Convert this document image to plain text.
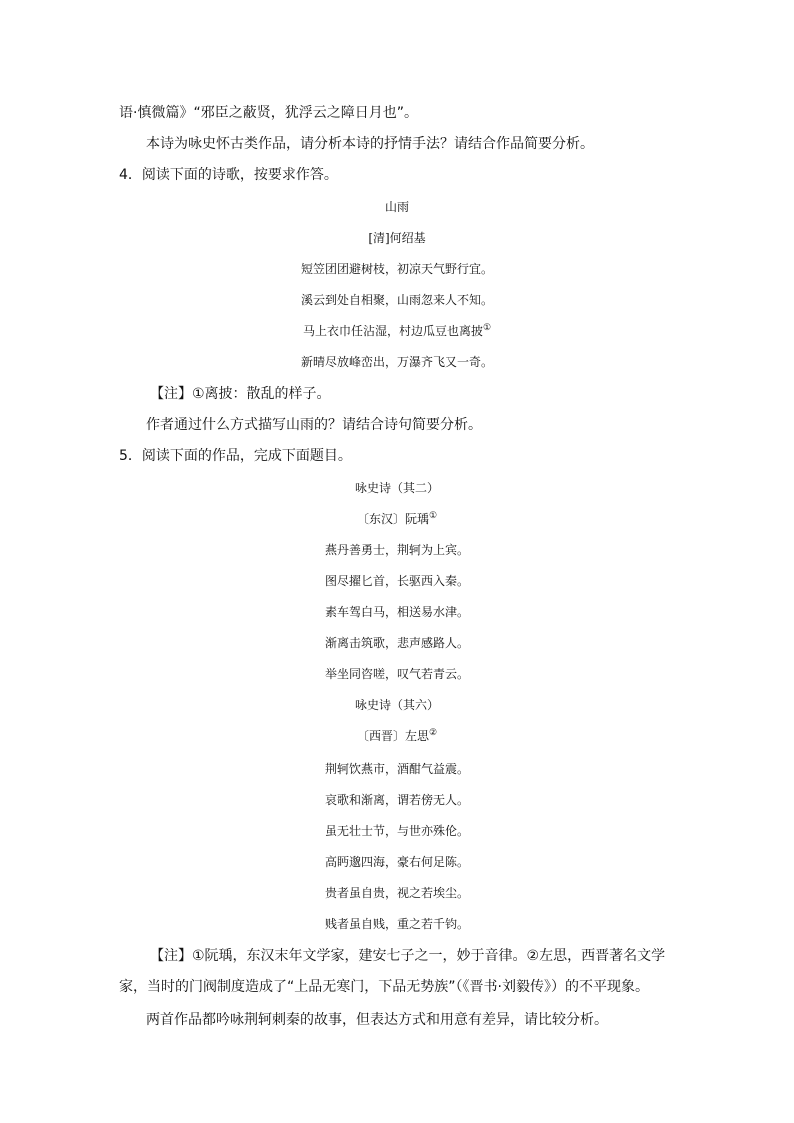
语·慎微篇》“邪臣之蔽贤，犹浮云之障日月也”。
本诗为咏史怀古类作品，请分析本诗的抒情手法？请结合作品简要分析。
4．阅读下面的诗歌，按要求作答。
山雨
[清]何绍基
短笠团团避树枝，初凉天气野行宜。
溪云到处自相聚，山雨忽来人不知。
马上衣巾任沾湿，村边瓜豆也离披①
新晴尽放峰峦出，万瀑齐飞又一奇。
【注】①离披：散乱的样子。
作者通过什么方式描写山雨的？请结合诗句简要分析。
5．阅读下面的作品，完成下面题目。
咏史诗（其二）
〔东汉〕阮瑀①
燕丹善勇士，荆轲为上宾。
图尽擢匕首，长驱西入秦。
素车驾白马，相送易水津。
渐离击筑歌，悲声感路人。
举坐同咨嗟，叹气若青云。
咏史诗（其六）
〔西晋〕左思②
荆轲饮燕市，酒酣气益震。
哀歌和渐离，谓若傍无人。
虽无壮士节，与世亦殊伦。
高眄邈四海，豪右何足陈。
贵者虽自贵，视之若埃尘。
贱者虽自贱，重之若千钧。
【注】①阮瑀，东汉末年文学家，建安七子之一，妙于音律。②左思，西晋著名文学
家，当时的门阀制度造成了“上品无寒门，下品无势族”（《晋书·刘毅传》）的不平现象。
两首作品都吟咏荆轲刺秦的故事，但表达方式和用意有差异，请比较分析。
